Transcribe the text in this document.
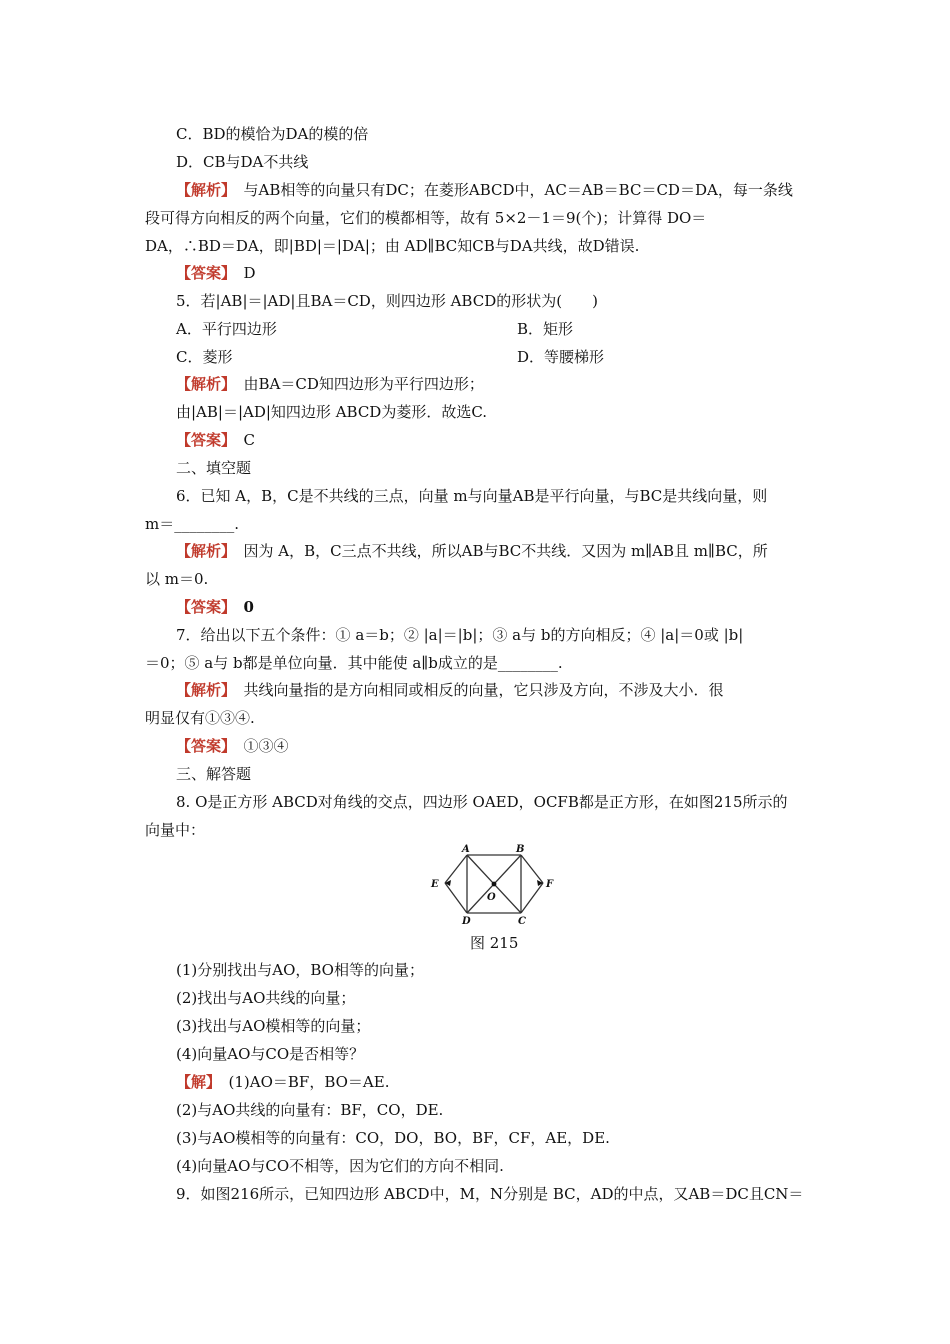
C．BD的模恰为DA的模的倍
D．CB与DA不共线
【解析】　与AB相等的向量只有DC；在菱形ABCD中，AC＝AB＝BC＝CD＝DA，每一条线
段可得方向相反的两个向量，它们的模都相等，故有 5×2－1＝9(个)；计算得 DO＝
DA，∴BD＝DA，即|BD|＝|DA|；由 AD∥BC知CB与DA共线，故D错误.
【答案】　D
5．若|AB|＝|AD|且BA＝CD，则四边形 ABCD的形状为(　　)
A．平行四边形	B．矩形
C．菱形	D．等腰梯形
【解析】　由BA＝CD知四边形为平行四边形；
由|AB|＝|AD|知四边形 ABCD为菱形．故选C.
【答案】　C
二、填空题
6．已知 A，B，C是不共线的三点，向量 m与向量AB是平行向量，与BC是共线向量，则
m＝________.
【解析】　因为 A，B，C三点不共线，所以AB与BC不共线．又因为 m∥AB且 m∥BC，所
以 m＝0.
【答案】　0
7．给出以下五个条件：① a＝b；② |a|＝|b|；③ a与 b的方向相反；④ |a|＝0或 |b|
＝0；⑤ a与 b都是单位向量．其中能使 a∥b成立的是________.
【解析】　共线向量指的是方向相同或相反的向量，它只涉及方向，不涉及大小．很
明显仅有①③④.
【答案】　①③④
三、解答题
8. O是正方形 ABCD对角线的交点，四边形 OAED，OCFB都是正方形，在如图215所示的
向量中：
A	B
C
D
E	F
O
图 215
(1)分别找出与AO，BO相等的向量；
(2)找出与AO共线的向量；
(3)找出与AO模相等的向量；
(4)向量AO与CO是否相等？
【解】　(1)AO＝BF，BO＝AE.
(2)与AO共线的向量有：BF，CO，DE.
(3)与AO模相等的向量有：CO，DO，BO，BF，CF，AE，DE.
(4)向量AO与CO不相等，因为它们的方向不相同.
9．如图216所示，已知四边形 ABCD中，M，N分别是 BC，AD的中点，又AB＝DC且CN＝
